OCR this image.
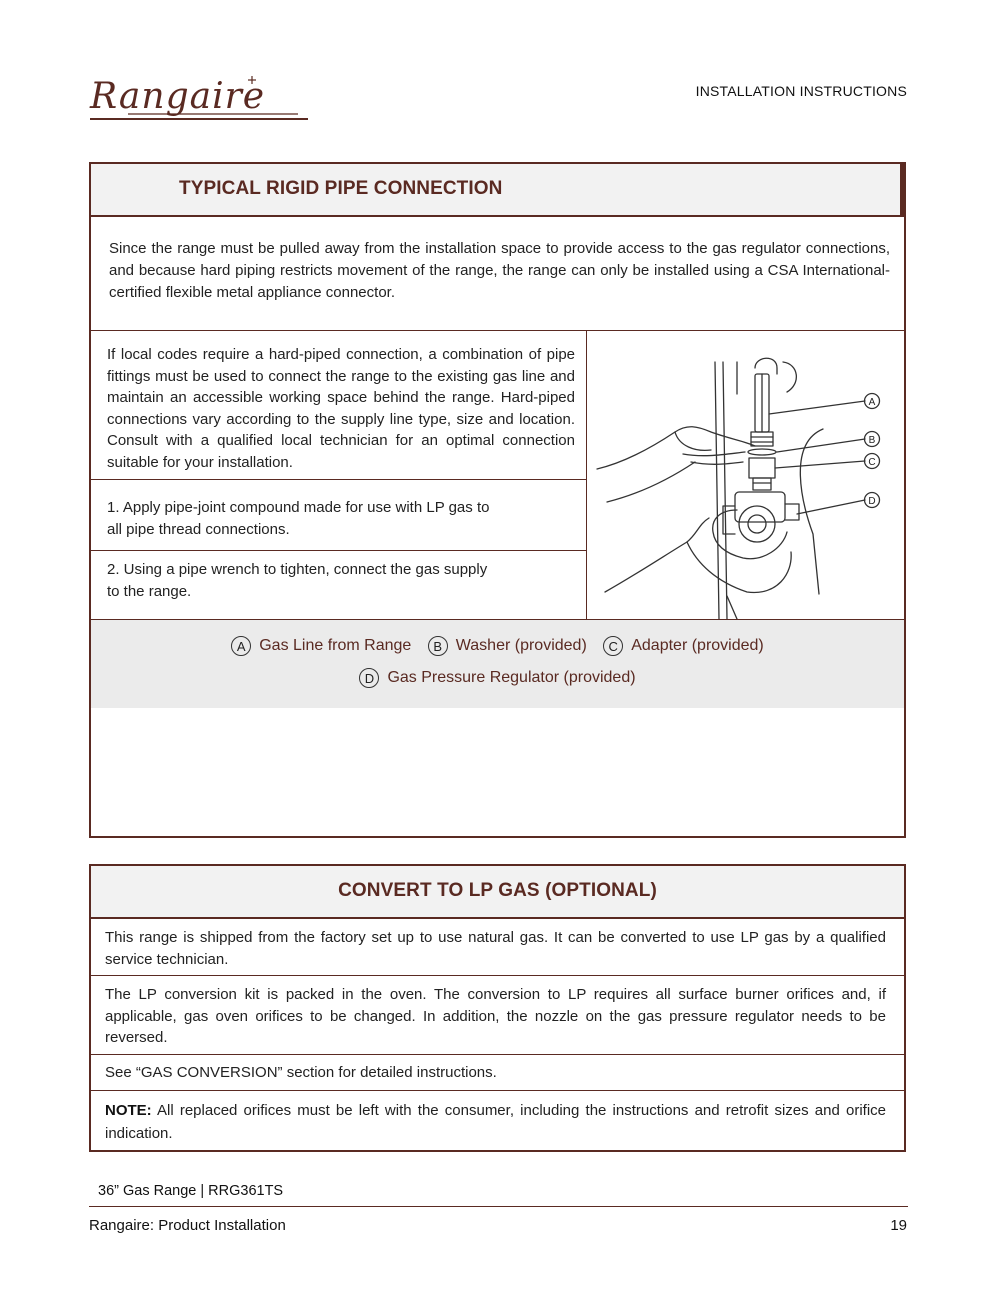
Rangaire	INSTALLATION INSTRUCTIONS
TYPICAL RIGID PIPE CONNECTION
Since the range must be pulled away from the installation space to provide access to the gas regulator connections, and because hard piping restricts movement of the range, the range can only be installed using a CSA International-certified flexible metal appliance connector.
If local codes require a hard-piped connection, a combination of pipe fittings must be used to connect the range to the existing gas line and maintain an accessible working space behind the range. Hard-piped connections vary according to the supply line type, size and location. Consult with a qualified local technician for an optimal connection suitable for your installation.
1. Apply pipe-joint compound made for use with LP gas to all pipe thread connections.
2. Using a pipe wrench to tighten, connect the gas supply to the range.
A
B
C
D
A Gas Line from Range
	B Washer (provided)
	C Adapter (provided)
D Gas Pressure Regulator (provided)
CONVERT TO LP GAS (OPTIONAL)
This range is shipped from the factory set up to use natural gas. It can be converted to use LP gas by a qualified service technician.
The LP conversion kit is packed in the oven. The conversion to LP requires all surface burner orifices and, if applicable, gas oven orifices to be changed. In addition, the nozzle on the gas pressure regulator needs to be reversed.
See “GAS CONVERSION” section for detailed instructions.
NOTE: All replaced orifices must be left with the consumer, including the instructions and retrofit sizes and orifice indication.
36” Gas Range | RRG361TS
Rangaire: Product Installation	19
